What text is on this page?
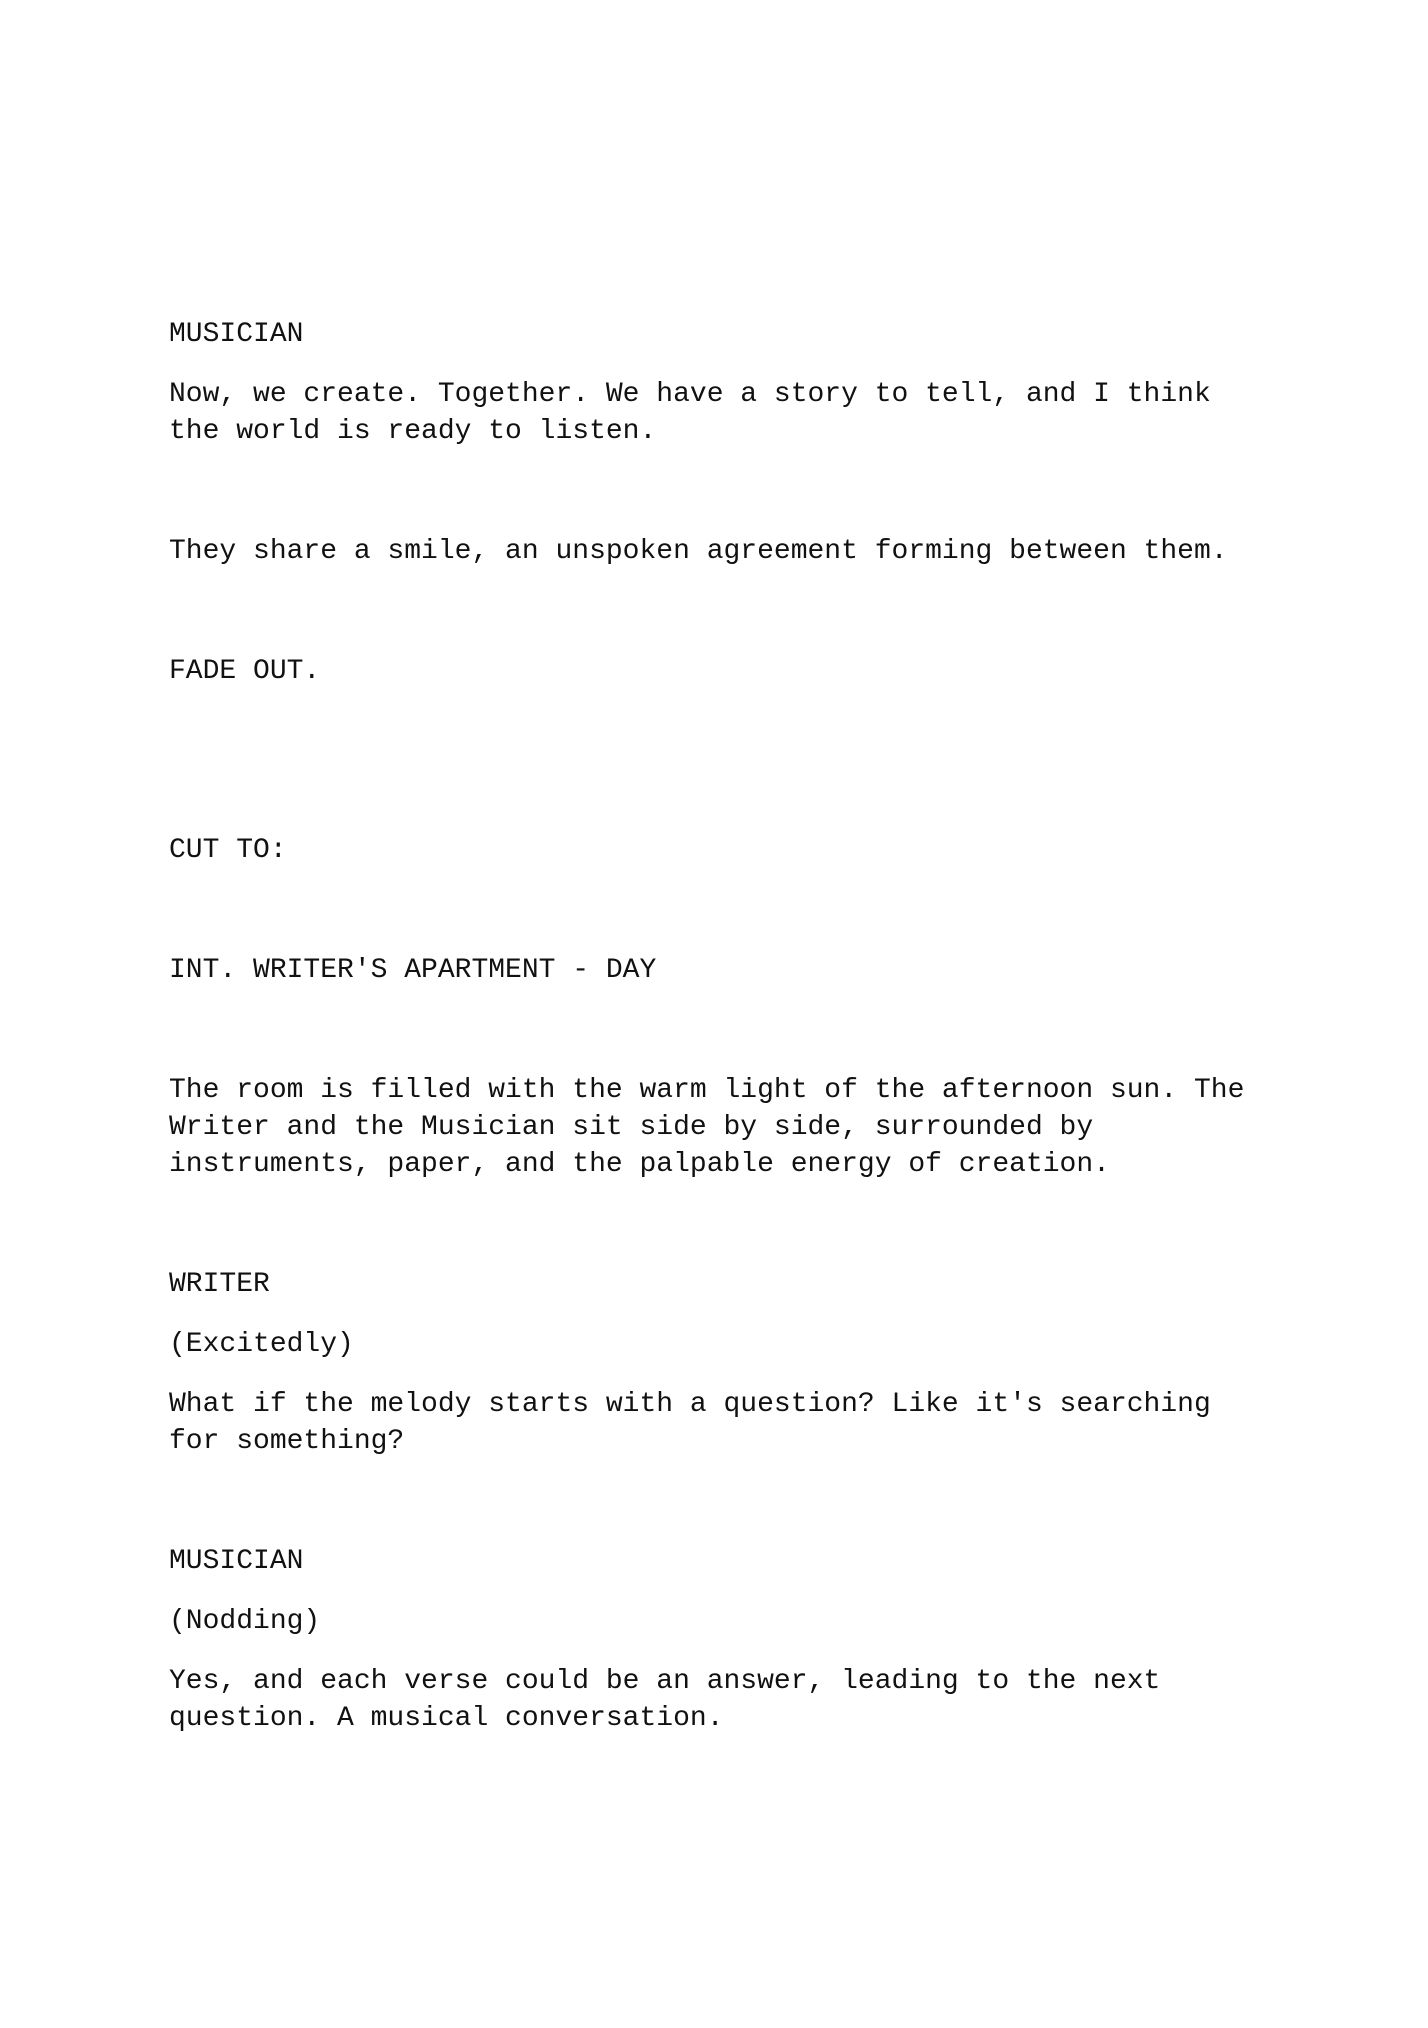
MUSICIAN

Now, we create. Together. We have a story to tell, and I think

the world is ready to listen.

They share a smile, an unspoken agreement forming between them.

FADE OUT.

CUT TO:

INT. WRITER'S APARTMENT - DAY

The room is filled with the warm light of the afternoon sun. The

Writer and the Musician sit side by side, surrounded by

instruments, paper, and the palpable energy of creation.

WRITER

(Excitedly)

What if the melody starts with a question? Like it's searching

for something?

MUSICIAN

(Nodding)

Yes, and each verse could be an answer, leading to the next

question. A musical conversation.
